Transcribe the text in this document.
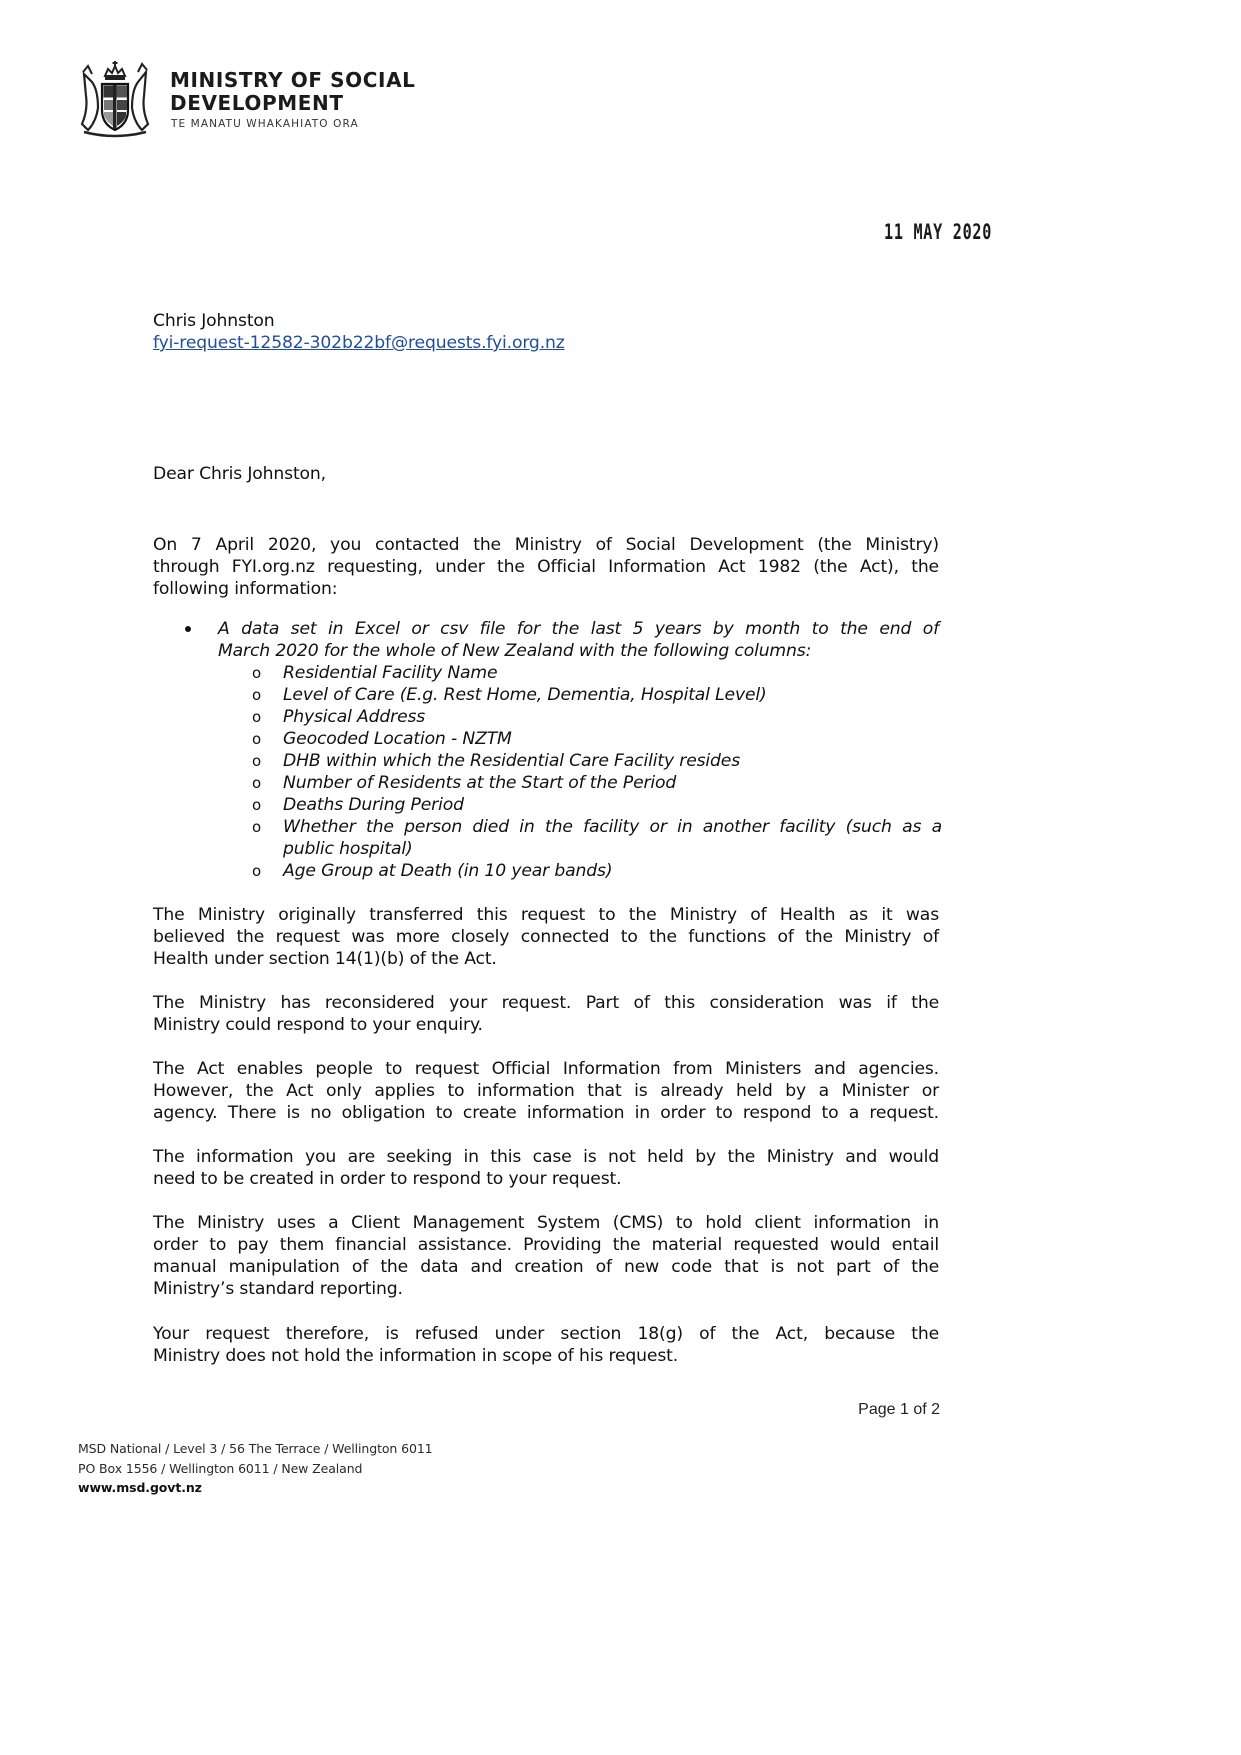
MINISTRY OF SOCIAL
DEVELOPMENT
TE MANATU WHAKAHIATO ORA
11 MAY 2020
Chris Johnston
fyi-request-12582-302b22bf@requests.fyi.org.nz
Dear Chris Johnston,
On 7 April 2020, you contacted the Ministry of Social Development (the Ministry)
through FYI.org.nz requesting, under the Official Information Act 1982 (the Act), the
following information:
A data set in Excel or csv file for the last 5 years by month to the end of
March 2020 for the whole of New Zealand with the following columns:
o Residential Facility Name
o Level of Care (E.g. Rest Home, Dementia, Hospital Level)
o Physical Address
o Geocoded Location - NZTM
o DHB within which the Residential Care Facility resides
o Number of Residents at the Start of the Period
o Deaths During Period
o Whether the person died in the facility or in another facility (such as a
public hospital)
o Age Group at Death (in 10 year bands)
The Ministry originally transferred this request to the Ministry of Health as it was
believed the request was more closely connected to the functions of the Ministry of
Health under section 14(1)(b) of the Act.
The Ministry has reconsidered your request. Part of this consideration was if the
Ministry could respond to your enquiry.
The Act enables people to request Official Information from Ministers and agencies.
However, the Act only applies to information that is already held by a Minister or
agency. There is no obligation to create information in order to respond to a request.
The information you are seeking in this case is not held by the Ministry and would
need to be created in order to respond to your request.
The Ministry uses a Client Management System (CMS) to hold client information in
order to pay them financial assistance. Providing the material requested would entail
manual manipulation of the data and creation of new code that is not part of the
Ministry’s standard reporting.
Your request therefore, is refused under section 18(g) of the Act, because the
Ministry does not hold the information in scope of his request.
Page 1 of 2
MSD National / Level 3 / 56 The Terrace / Wellington 6011
PO Box 1556 / Wellington 6011 / New Zealand
www.msd.govt.nz
